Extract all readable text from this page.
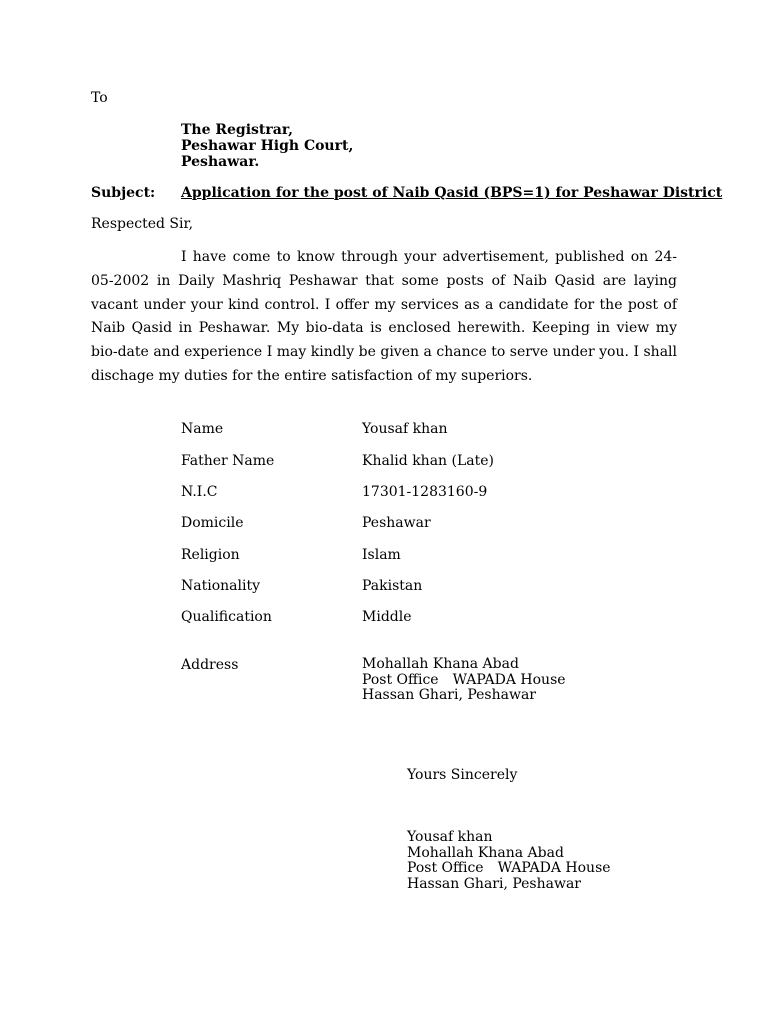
To
The Registrar,
Peshawar High Court,
Peshawar.
Subject: Application for the post of Naib Qasid (BPS=1) for Peshawar District
Respected Sir,
I have come to know through your advertisement, published on 24-05-2002 in Daily Mashriq Peshawar that some posts of Naib Qasid are laying vacant under your kind control. I offer my services as a candidate for the post of Naib Qasid in Peshawar. My bio-data is enclosed herewith. Keeping in view my bio-date and experience I may kindly be given a chance to serve under you. I shall dischage my duties for the entire satisfaction of my superiors.
Name	Yousaf khan
Father Name	Khalid khan (Late)
N.I.C	17301-1283160-9
Domicile	Peshawar
Religion	Islam
Nationality	Pakistan
Qualification	Middle
Address	Mohallah Khana Abad
Post Office WAPADA House
Hassan Ghari, Peshawar
Yours Sincerely
Yousaf khan
Mohallah Khana Abad
Post Office WAPADA House
Hassan Ghari, Peshawar
